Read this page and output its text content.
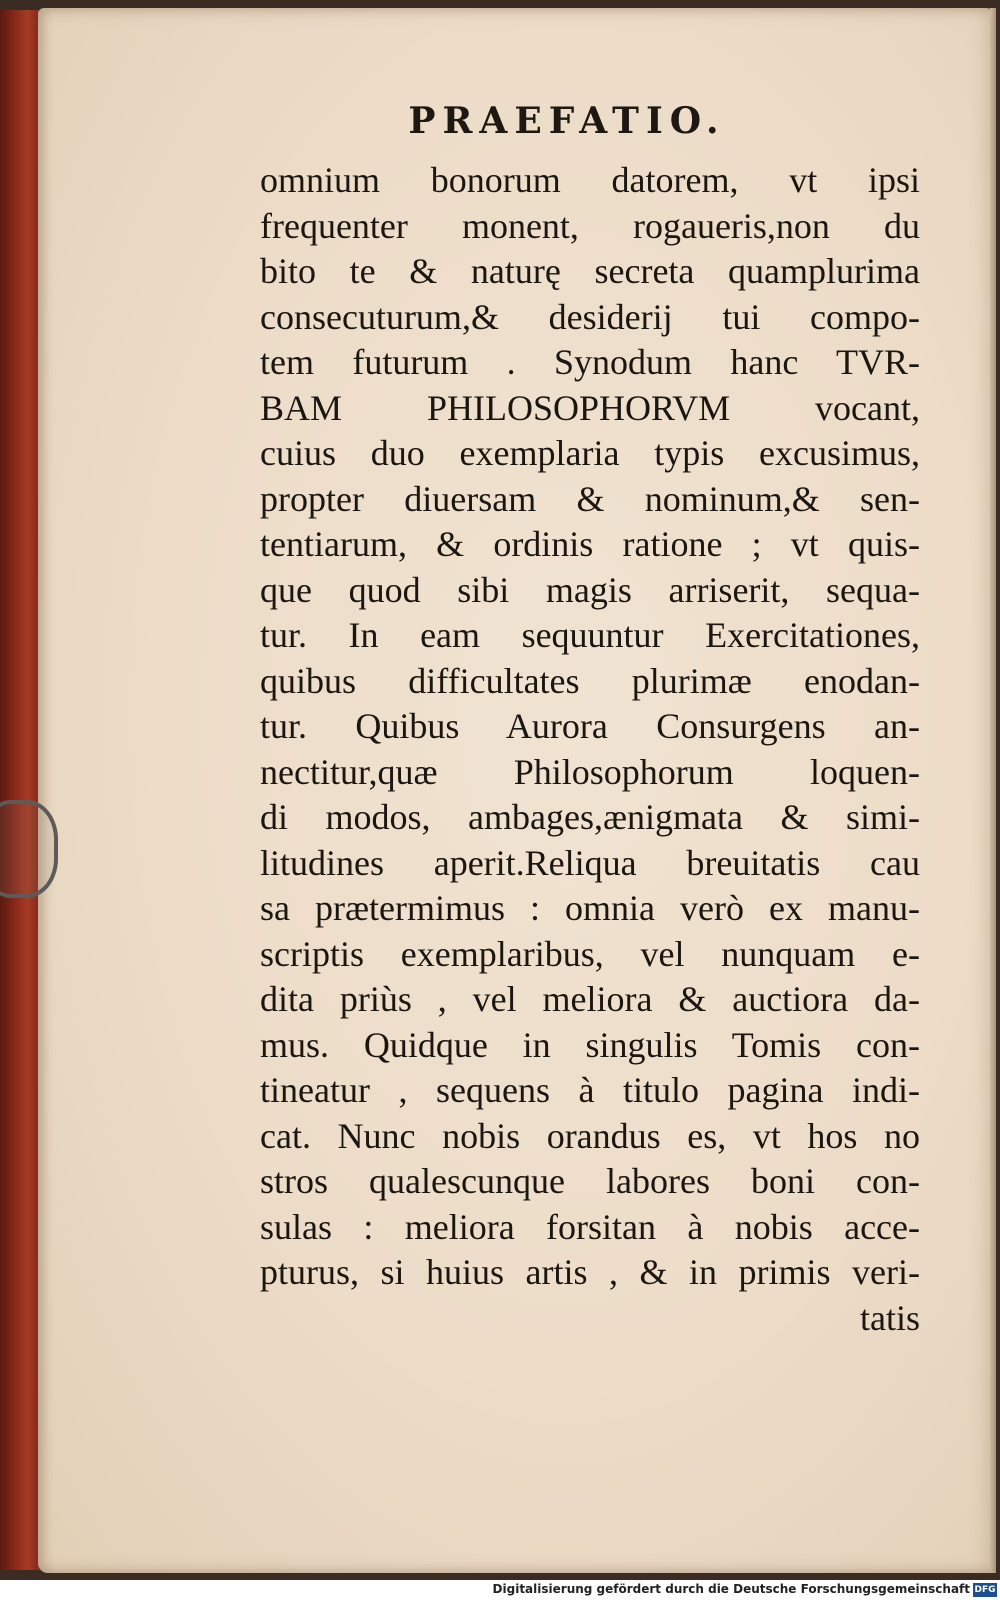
PRAEFATIO.
omnium bonorum datorem, vt ipsi
frequenter monent, rogaueris,non du
bito te & naturę secreta quamplurima
consecuturum,& desiderij tui compo-
tem futurum . Synodum hanc TVR-
BAM PHILOSOPHORVM vocant,
cuius duo exemplaria typis excusimus,
propter diuersam & nominum,& sen-
tentiarum, & ordinis ratione ; vt quis-
que quod sibi magis arriserit, sequa-
tur. In eam sequuntur Exercitationes,
quibus difficultates plurimæ enodan-
tur. Quibus Aurora Consurgens an-
nectitur,quæ Philosophorum loquen-
di modos, ambages,ænigmata & simi-
litudines aperit.Reliqua breuitatis cau
sa prætermimus : omnia verò ex manu-
scriptis exemplaribus, vel nunquam e-
dita priùs , vel meliora & auctiora da-
mus. Quidque in singulis Tomis con-
tineatur , sequens à titulo pagina indi-
cat. Nunc nobis orandus es, vt hos no
stros qualescunque labores boni con-
sulas : meliora forsitan à nobis acce-
pturus, si huius artis , & in primis veri-
tatis
Digitalisierung gefördert durch die Deutsche Forschungsgemeinschaft DFG
